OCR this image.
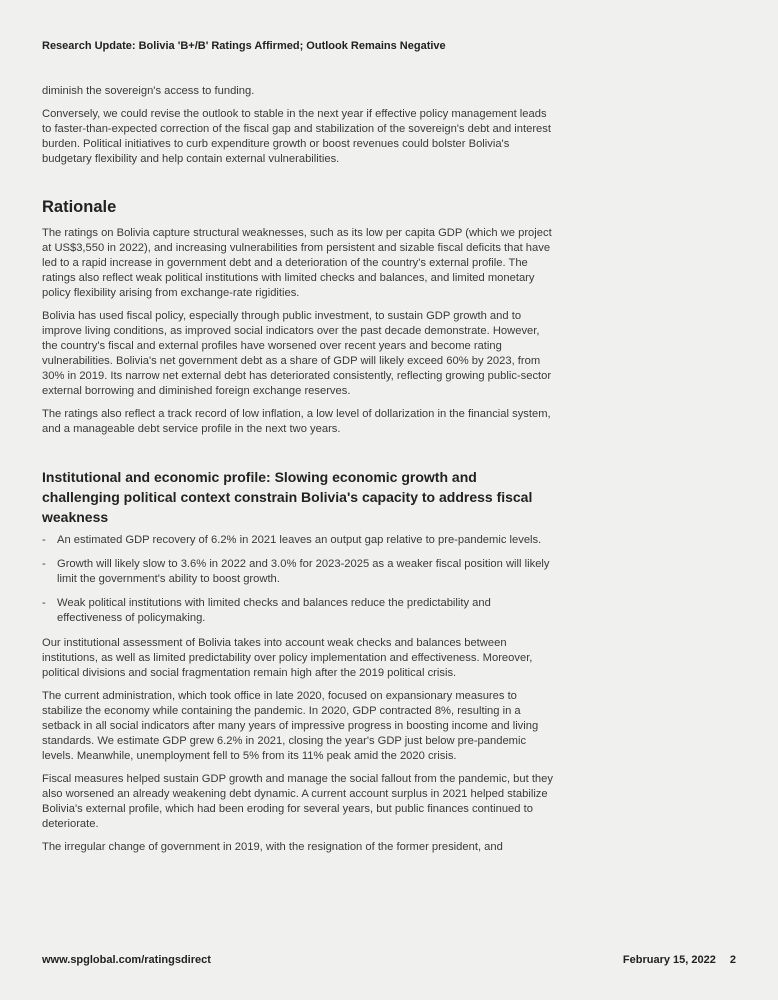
Research Update: Bolivia 'B+/B' Ratings Affirmed; Outlook Remains Negative

diminish the sovereign's access to funding.

Conversely, we could revise the outlook to stable in the next year if effective policy management leads to faster-than-expected correction of the fiscal gap and stabilization of the sovereign's debt and interest burden. Political initiatives to curb expenditure growth or boost revenues could bolster Bolivia's budgetary flexibility and help contain external vulnerabilities.

Rationale

The ratings on Bolivia capture structural weaknesses, such as its low per capita GDP (which we project at US$3,550 in 2022), and increasing vulnerabilities from persistent and sizable fiscal deficits that have led to a rapid increase in government debt and a deterioration of the country's external profile. The ratings also reflect weak political institutions with limited checks and balances, and limited monetary policy flexibility arising from exchange-rate rigidities.

Bolivia has used fiscal policy, especially through public investment, to sustain GDP growth and to improve living conditions, as improved social indicators over the past decade demonstrate. However, the country's fiscal and external profiles have worsened over recent years and become rating vulnerabilities. Bolivia's net government debt as a share of GDP will likely exceed 60% by 2023, from 30% in 2019. Its narrow net external debt has deteriorated consistently, reflecting growing public-sector external borrowing and diminished foreign exchange reserves.

The ratings also reflect a track record of low inflation, a low level of dollarization in the financial system, and a manageable debt service profile in the next two years.

Institutional and economic profile: Slowing economic growth and challenging political context constrain Bolivia's capacity to address fiscal weakness
- An estimated GDP recovery of 6.2% in 2021 leaves an output gap relative to pre-pandemic levels.
- Growth will likely slow to 3.6% in 2022 and 3.0% for 2023-2025 as a weaker fiscal position will likely limit the government's ability to boost growth.
- Weak political institutions with limited checks and balances reduce the predictability and effectiveness of policymaking.

Our institutional assessment of Bolivia takes into account weak checks and balances between institutions, as well as limited predictability over policy implementation and effectiveness. Moreover, political divisions and social fragmentation remain high after the 2019 political crisis.

The current administration, which took office in late 2020, focused on expansionary measures to stabilize the economy while containing the pandemic. In 2020, GDP contracted 8%, resulting in a setback in all social indicators after many years of impressive progress in boosting income and living standards. We estimate GDP grew 6.2% in 2021, closing the year's GDP just below pre-pandemic levels. Meanwhile, unemployment fell to 5% from its 11% peak amid the 2020 crisis.

Fiscal measures helped sustain GDP growth and manage the social fallout from the pandemic, but they also worsened an already weakening debt dynamic. A current account surplus in 2021 helped stabilize Bolivia's external profile, which had been eroding for several years, but public finances continued to deteriorate.

The irregular change of government in 2019, with the resignation of the former president, and

www.spglobal.com/ratingsdirect	February 15, 2022 2
